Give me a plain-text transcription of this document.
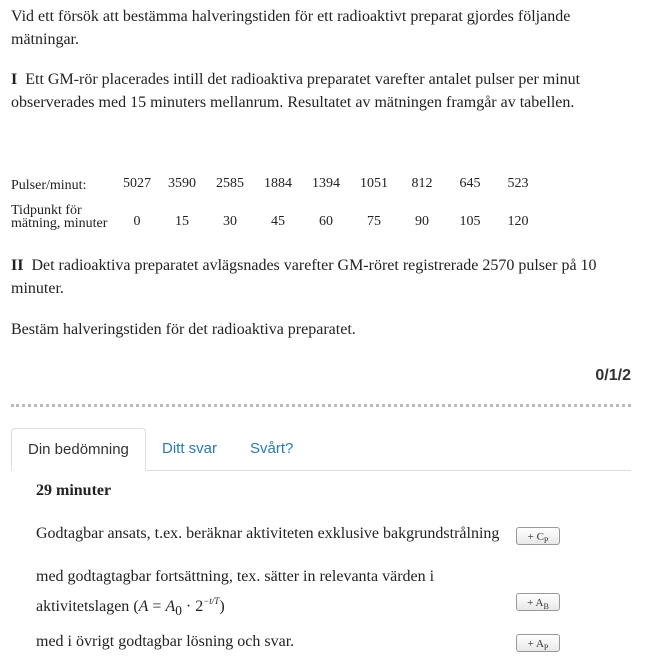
Vid ett försök att bestämma halveringstiden för ett radioaktivt preparat gjordes följande mätningar.

I Ett GM-rör placerades intill det radioaktiva preparatet varefter antalet pulser per minut observerades med 15 minuters mellanrum. Resultatet av mätningen framgår av tabellen.

Pulser/minut:	5027	3590	2585	1884	1394	1051	812	645	523
Tidpunkt för mätning, minuter	0	15	30	45	60	75	90	105	120

II Det radioaktiva preparatet avlägsnades varefter GM-röret registrerade 2570 pulser på 10 minuter.

Bestäm halveringstiden för det radioaktiva preparatet.

0/1/2
Din bedömning	Ditt svar	Svårt?
29 minuter
Godtagbar ansats, t.ex. beräknar aktiviteten exklusive bakgrundstrålning	+ $C_P$
med godtagtagbar fortsättning, tex. sätter in relevanta värden i aktivitetslagen $(A = A_0 \cdot 2^{-t/T})$	+ $A_B$
med i övrigt godtagbar lösning och svar.	+ $A_P$
